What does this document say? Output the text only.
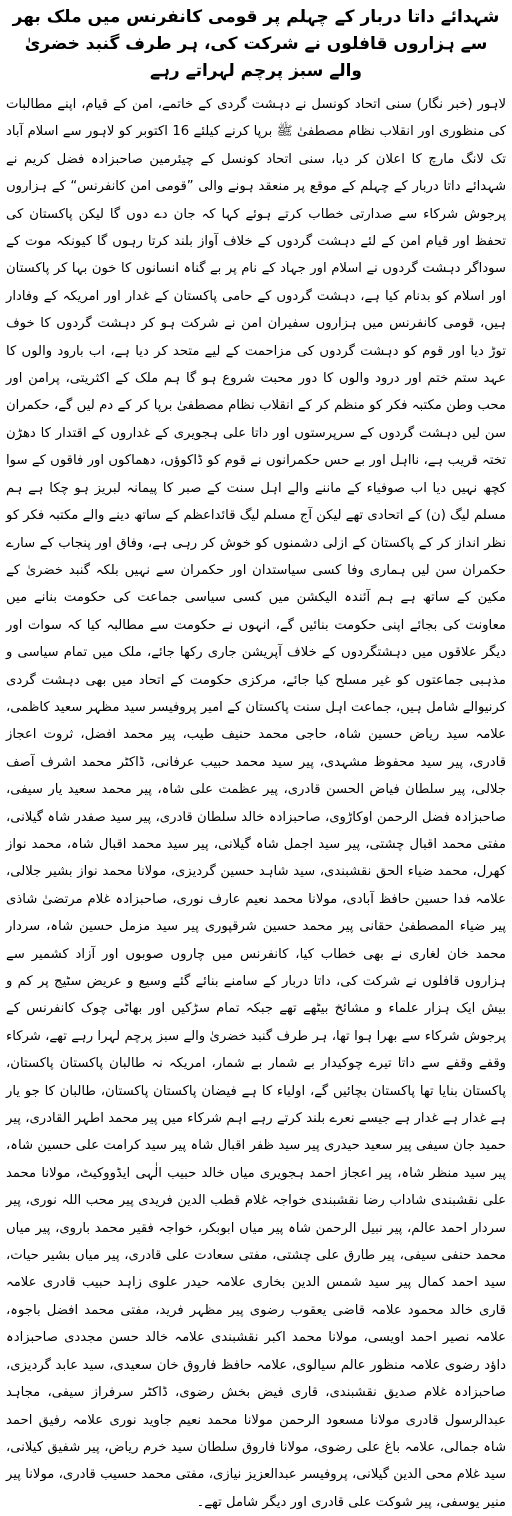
شہدائے داتا دربار کے چہلم پر قومی کانفرنس میں ملک بھر سے ہزاروں قافلوں نے شرکت کی، ہر طرف گنبد خضریٰ والے سبز پرچم لہراتے رہے

لاہور (خبر نگار) سنی اتحاد کونسل نے دہشت گردی کے خاتمے، امن کے قیام، اپنے مطالبات کی منظوری اور انقلاب نظام مصطفیٰ ﷺ برپا کرنے کیلئے 16 اکتوبر کو لاہور سے اسلام آباد تک لانگ مارچ کا اعلان کر دیا، سنی اتحاد کونسل کے چیئرمین صاحبزادہ فضل کریم نے شہدائے داتا دربار کے چہلم کے موقع پر منعقد ہونے والی ”قومی امن کانفرنس“ کے ہزاروں پرجوش شرکاء سے صدارتی خطاب کرتے ہوئے کہا کہ جان دے دوں گا لیکن پاکستان کی تحفظ اور قیام امن کے لئے دہشت گردوں کے خلاف آواز بلند کرتا رہوں گا کیونکہ موت کے سوداگر دہشت گردوں نے اسلام اور جہاد کے نام پر بے گناہ انسانوں کا خون بہا کر پاکستان اور اسلام کو بدنام کیا ہے، دہشت گردوں کے حامی پاکستان کے غدار اور امریکہ کے وفادار ہیں، قومی کانفرنس میں ہزاروں سفیران امن نے شرکت ہو کر دہشت گردوں کا خوف توڑ دیا اور قوم کو دہشت گردوں کی مزاحمت کے لیے متحد کر دیا ہے، اب بارود والوں کا عہد ستم ختم اور درود والوں کا دور محبت شروع ہو گا ہم ملک کے اکثریتی، پرامن اور محب وطن مکتبہ فکر کو منظم کر کے انقلاب نظام مصطفیٰ برپا کر کے دم لیں گے، حکمران سن لیں دہشت گردوں کے سرپرستوں اور داتا علی ہجویری کے غداروں کے اقتدار کا دھڑن تختہ قریب ہے، نااہل اور بے حس حکمرانوں نے قوم کو ڈاکوؤں، دھماکوں اور فاقوں کے سوا کچھ نہیں دیا اب صوفیاء کے ماننے والے اہل سنت کے صبر کا پیمانہ لبریز ہو چکا ہے ہم مسلم لیگ (ن) کے اتحادی تھے لیکن آج مسلم لیگ قائداعظم کے ساتھ دینے والے مکتبہ فکر کو نظر انداز کر کے پاکستان کے ازلی دشمنوں کو خوش کر رہی ہے، وفاق اور پنجاب کے سارے حکمران سن لیں ہماری وفا کسی سیاستدان اور حکمران سے نہیں بلکہ گنبد خضریٰ کے مکین کے ساتھ ہے ہم آئندہ الیکشن میں کسی سیاسی جماعت کی حکومت بنانے میں معاونت کی بجائے اپنی حکومت بنائیں گے، انہوں نے حکومت سے مطالبہ کیا کہ سوات اور دیگر علاقوں میں دہشتگردوں کے خلاف آپریشن جاری رکھا جائے، ملک میں تمام سیاسی و مذہبی جماعتوں کو غیر مسلح کیا جائے، مرکزی حکومت کے اتحاد میں بھی دہشت گردی کرنیوالے شامل ہیں، جماعت اہل سنت پاکستان کے امیر پروفیسر سید مظہر سعید کاظمی، علامہ سید ریاض حسین شاہ، حاجی محمد حنیف طیب، پیر محمد افضل، ثروت اعجاز قادری، پیر سید محفوظ مشہدی، پیر سید محمد حبیب عرفانی، ڈاکٹر محمد اشرف آصف جلالی، پیر سلطان فیاض الحسن قادری، پیر عظمت علی شاہ، پیر محمد سعید یار سیفی، صاحبزادہ فضل الرحمن اوکاڑوی، صاحبزادہ خالد سلطان قادری، پیر سید صفدر شاہ گیلانی، مفتی محمد اقبال چشتی، پیر سید اجمل شاہ گیلانی، پیر سید محمد اقبال شاہ، محمد نواز کھرل، محمد ضیاء الحق نقشبندی، سید شاہد حسین گردیزی، مولانا محمد نواز بشیر جلالی، علامہ فدا حسین حافظ آبادی، مولانا محمد نعیم عارف نوری، صاحبزادہ غلام مرتضیٰ شاذی پیر ضیاء المصطفیٰ حقانی پیر محمد حسین شرقپوری پیر سید مزمل حسین شاہ، سردار محمد خان لغاری نے بھی خطاب کیا، کانفرنس میں چاروں صوبوں اور آزاد کشمیر سے ہزاروں قافلوں نے شرکت کی، داتا دربار کے سامنے بنائے گئے وسیع و عریض سٹیج پر کم و بیش ایک ہزار علماء و مشائخ بیٹھے تھے جبکہ تمام سڑکیں اور بھاٹی چوک کانفرنس کے پرجوش شرکاء سے بھرا ہوا تھا، ہر طرف گنبد خضریٰ والے سبز پرچم لہرا رہے تھے، شرکاء وقفے وقفے سے داتا تیرے چوکیدار بے شمار بے شمار، امریکہ نہ طالبان پاکستان پاکستان، پاکستان بنایا تھا پاکستان بچائیں گے، اولیاء کا ہے فیضان پاکستان پاکستان، طالبان کا جو یار ہے غدار ہے غدار ہے جیسے نعرے بلند کرتے رہے اہم شرکاء میں پیر محمد اطہر القادری، پیر حمید جان سیفی پیر سعید حیدری پیر سید ظفر اقبال شاہ پیر سید کرامت علی حسین شاہ، پیر سید منظر شاہ، پیر اعجاز احمد ہجویری میاں خالد حبیب الٰہی ایڈووکیٹ، مولانا محمد علی نقشبندی شاداب رضا نقشبندی خواجہ غلام قطب الدین فریدی پیر محب اللہ نوری، پیر سردار احمد عالم، پیر نبیل الرحمن شاہ پیر میاں ابوبکر، خواجہ فقیر محمد باروی، پیر میاں محمد حنفی سیفی، پیر طارق علی چشتی، مفتی سعادت علی قادری، پیر میاں بشیر حیات، سید احمد کمال پیر سید شمس الدین بخاری علامہ حیدر علوی زاہد حبیب قادری علامہ قاری خالد محمود علامہ قاضی یعقوب رضوی پیر مظہر فرید، مفتی محمد افضل باجوہ، علامہ نصیر احمد اویسی، مولانا محمد اکبر نقشبندی علامہ خالد حسن مجددی صاحبزادہ داؤد رضوی علامہ منظور عالم سیالوی، علامہ حافظ فاروق خان سعیدی، سید عابد گردیزی، صاحبزادہ غلام صدیق نقشبندی، قاری فیض بخش رضوی، ڈاکٹر سرفراز سیفی، مجاہد عبدالرسول قادری مولانا مسعود الرحمن مولانا محمد نعیم جاوید نوری علامہ رفیق احمد شاہ جمالی، علامہ باغ علی رضوی، مولانا فاروق سلطان سید خرم ریاض، پیر شفیق کیلانی، سید غلام محی الدین گیلانی، پروفیسر عبدالعزیز نیازی، مفتی محمد حسیب قادری، مولانا پیر منیر یوسفی، پیر شوکت علی قادری اور دیگر شامل تھے۔
